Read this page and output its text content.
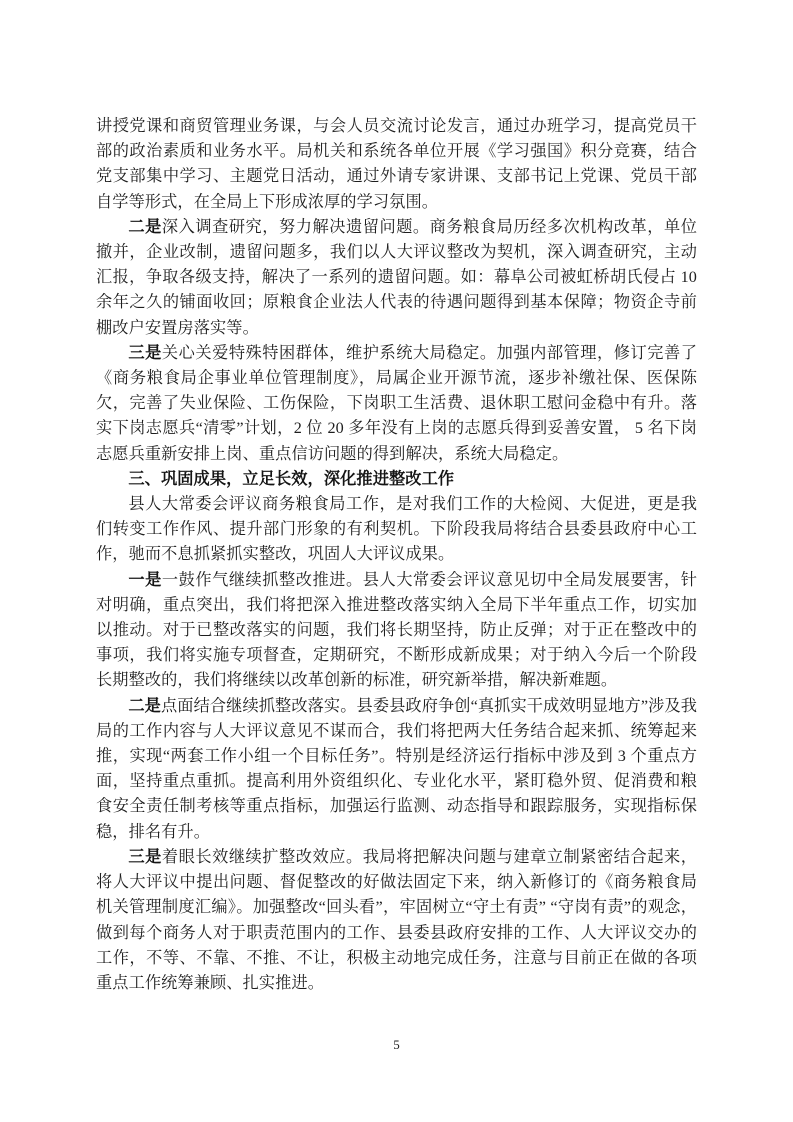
讲授党课和商贸管理业务课，与会人员交流讨论发言，通过办班学习，提高党员干部的政治素质和业务水平。局机关和系统各单位开展《学习强国》积分竞赛，结合党支部集中学习、主题党日活动，通过外请专家讲课、支部书记上党课、党员干部自学等形式，在全局上下形成浓厚的学习氛围。

二是深入调查研究，努力解决遗留问题。商务粮食局历经多次机构改革，单位撤并，企业改制，遗留问题多，我们以人大评议整改为契机，深入调查研究，主动汇报，争取各级支持，解决了一系列的遗留问题。如：幕阜公司被虹桥胡氏侵占 10 余年之久的铺面收回；原粮食企业法人代表的待遇问题得到基本保障；物资企寺前棚改户安置房落实等。

三是关心关爱特殊特困群体，维护系统大局稳定。加强内部管理，修订完善了《商务粮食局企事业单位管理制度》，局属企业开源节流，逐步补缴社保、医保陈欠，完善了失业保险、工伤保险，下岗职工生活费、退休职工慰问金稳中有升。落实下岗志愿兵“清零”计划，2 位 20 多年没有上岗的志愿兵得到妥善安置， 5 名下岗志愿兵重新安排上岗、重点信访问题的得到解决，系统大局稳定。

三、巩固成果，立足长效，深化推进整改工作

县人大常委会评议商务粮食局工作，是对我们工作的大检阅、大促进，更是我们转变工作作风、提升部门形象的有利契机。下阶段我局将结合县委县政府中心工作，驰而不息抓紧抓实整改，巩固人大评议成果。

一是一鼓作气继续抓整改推进。县人大常委会评议意见切中全局发展要害，针对明确，重点突出，我们将把深入推进整改落实纳入全局下半年重点工作，切实加以推动。对于已整改落实的问题，我们将长期坚持，防止反弹；对于正在整改中的事项，我们将实施专项督查，定期研究，不断形成新成果；对于纳入今后一个阶段长期整改的，我们将继续以改革创新的标准，研究新举措，解决新难题。

二是点面结合继续抓整改落实。县委县政府争创“真抓实干成效明显地方”涉及我局的工作内容与人大评议意见不谋而合，我们将把两大任务结合起来抓、统筹起来推，实现“两套工作小组一个目标任务”。特别是经济运行指标中涉及到 3 个重点方面，坚持重点重抓。提高利用外资组织化、专业化水平，紧盯稳外贸、促消费和粮食安全责任制考核等重点指标，加强运行监测、动态指导和跟踪服务，实现指标保稳，排名有升。

三是着眼长效继续扩整改效应。我局将把解决问题与建章立制紧密结合起来，将人大评议中提出问题、督促整改的好做法固定下来，纳入新修订的《商务粮食局机关管理制度汇编》。加强整改“回头看”，牢固树立“守土有责” “守岗有责”的观念，做到每个商务人对于职责范围内的工作、县委县政府安排的工作、人大评议交办的工作，不等、不靠、不推、不让，积极主动地完成任务，注意与目前正在做的各项重点工作统筹兼顾、扎实推进。

5
